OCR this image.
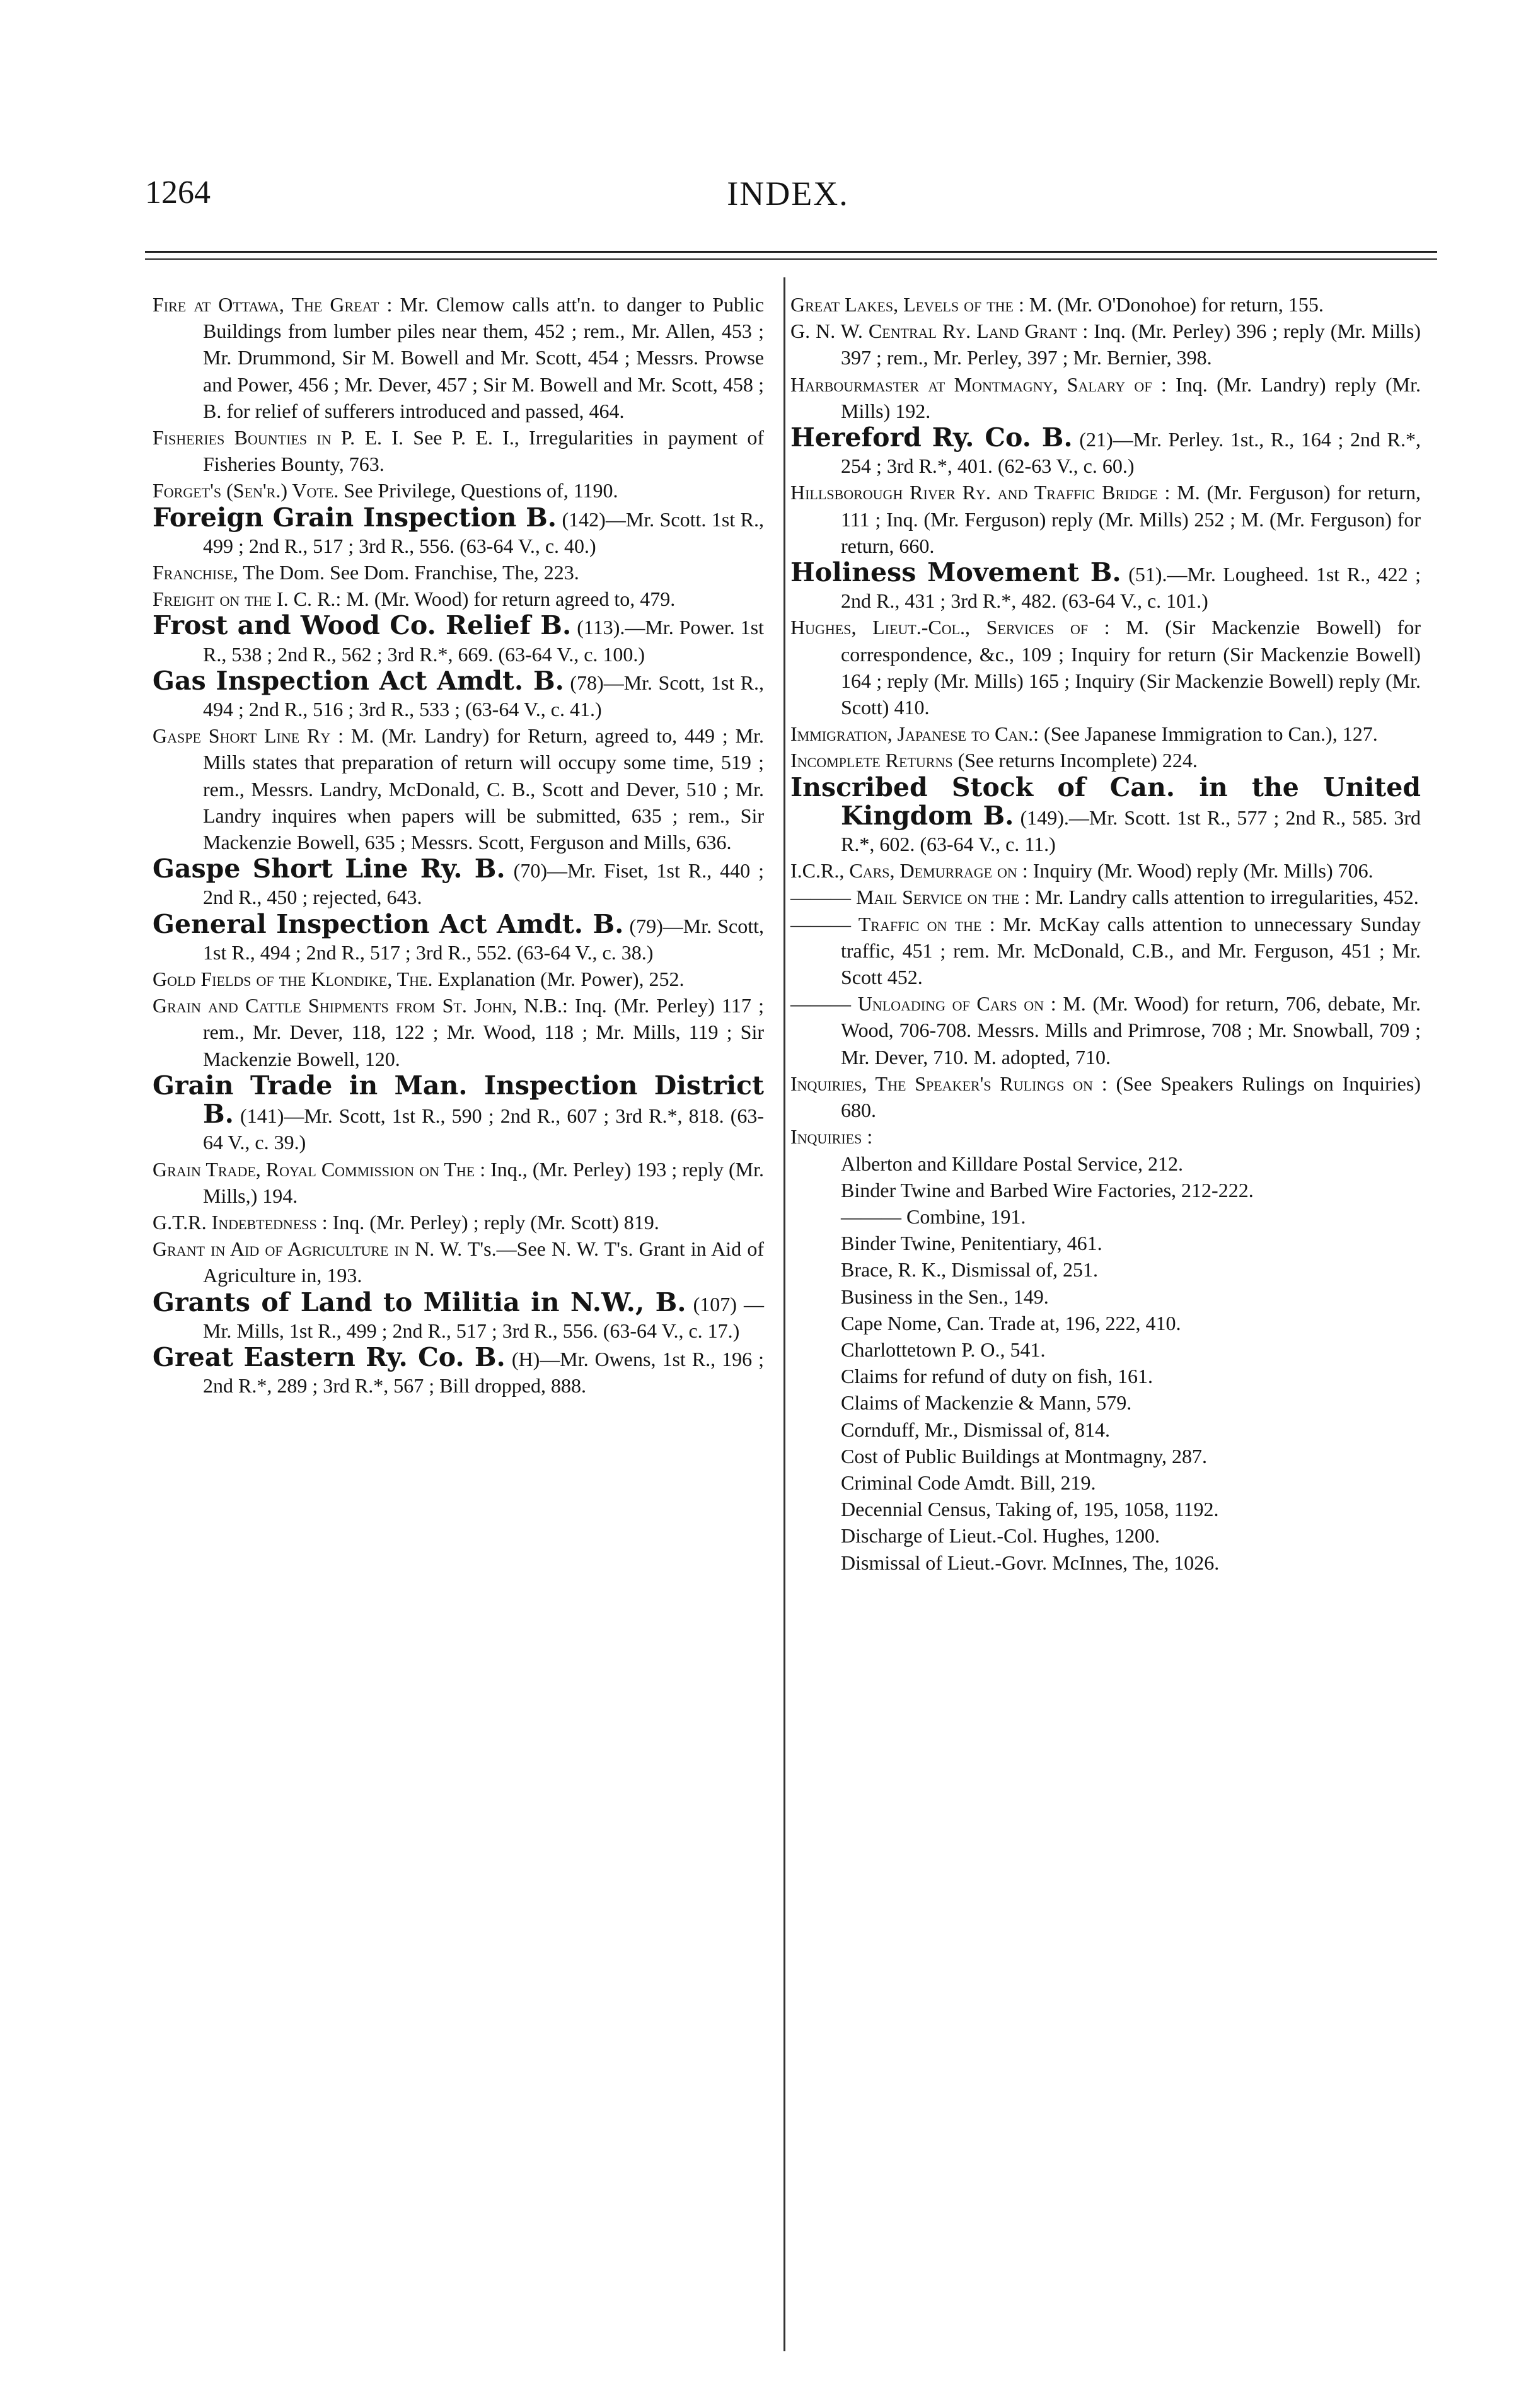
1264	INDEX.
Fire at Ottawa, The Great : Mr. Clemow calls att'n. to danger to Public Buildings from lumber piles near them, 452 ; rem., Mr. Allen, 453 ; Mr. Drummond, Sir M. Bowell and Mr. Scott, 454 ; Messrs. Prowse and Power, 456 ; Mr. Dever, 457 ; Sir M. Bowell and Mr. Scott, 458 ; B. for relief of sufferers introduced and passed, 464.
Fisheries Bounties in P. E. I. See P. E. I., Irregularities in payment of Fisheries Bounty, 763.
Forget's (Sen'r.) Vote. See Privilege, Questions of, 1190.
Foreign Grain Inspection B. (142)—Mr. Scott. 1st R., 499 ; 2nd R., 517 ; 3rd R., 556. (63-64 V., c. 40.)
Franchise, The Dom. See Dom. Franchise, The, 223.
Freight on the I. C. R.: M. (Mr. Wood) for return agreed to, 479.
Frost and Wood Co. Relief B. (113).—Mr. Power. 1st R., 538 ; 2nd R., 562 ; 3rd R.*, 669. (63-64 V., c. 100.)
Gas Inspection Act Amdt. B. (78)—Mr. Scott, 1st R., 494 ; 2nd R., 516 ; 3rd R., 533 ; (63-64 V., c. 41.)
Gaspe Short Line Ry : M. (Mr. Landry) for Return, agreed to, 449 ; Mr. Mills states that preparation of return will occupy some time, 519 ; rem., Messrs. Landry, McDonald, C. B., Scott and Dever, 510 ; Mr. Landry inquires when papers will be submitted, 635 ; rem., Sir Mackenzie Bowell, 635 ; Messrs. Scott, Ferguson and Mills, 636.
Gaspe Short Line Ry. B. (70)—Mr. Fiset, 1st R., 440 ; 2nd R., 450 ; rejected, 643.
General Inspection Act Amdt. B. (79)—Mr. Scott, 1st R., 494 ; 2nd R., 517 ; 3rd R., 552. (63-64 V., c. 38.)
Gold Fields of the Klondike, The. Explanation (Mr. Power), 252.
Grain and Cattle Shipments from St. John, N.B.: Inq. (Mr. Perley) 117 ; rem., Mr. Dever, 118, 122 ; Mr. Wood, 118 ; Mr. Mills, 119 ; Sir Mackenzie Bowell, 120.
Grain Trade in Man. Inspection District B. (141)—Mr. Scott, 1st R., 590 ; 2nd R., 607 ; 3rd R.*, 818. (63-64 V., c. 39.)
Grain Trade, Royal Commission on The : Inq., (Mr. Perley) 193 ; reply (Mr. Mills,) 194.
G.T.R. Indebtedness : Inq. (Mr. Perley) ; reply (Mr. Scott) 819.
Grant in Aid of Agriculture in N. W. T's.—See N. W. T's. Grant in Aid of Agriculture in, 193.
Grants of Land to Militia in N.W., B. (107) —Mr. Mills, 1st R., 499 ; 2nd R., 517 ; 3rd R., 556. (63-64 V., c. 17.)
Great Eastern Ry. Co. B. (H)—Mr. Owens, 1st R., 196 ; 2nd R.*, 289 ; 3rd R.*, 567 ; Bill dropped, 888.
Great Lakes, Levels of the : M. (Mr. O'Donohoe) for return, 155.
G. N. W. Central Ry. Land Grant : Inq. (Mr. Perley) 396 ; reply (Mr. Mills) 397 ; rem., Mr. Perley, 397 ; Mr. Bernier, 398.
Harbourmaster at Montmagny, Salary of : Inq. (Mr. Landry) reply (Mr. Mills) 192.
Hereford Ry. Co. B. (21)—Mr. Perley. 1st., R., 164 ; 2nd R.*, 254 ; 3rd R.*, 401. (62-63 V., c. 60.)
Hillsborough River Ry. and Traffic Bridge : M. (Mr. Ferguson) for return, 111 ; Inq. (Mr. Ferguson) reply (Mr. Mills) 252 ; M. (Mr. Ferguson) for return, 660.
Holiness Movement B. (51).—Mr. Lougheed. 1st R., 422 ; 2nd R., 431 ; 3rd R.*, 482. (63-64 V., c. 101.)
Hughes, Lieut.-Col., Services of : M. (Sir Mackenzie Bowell) for correspondence, &c., 109 ; Inquiry for return (Sir Mackenzie Bowell) 164 ; reply (Mr. Mills) 165 ; Inquiry (Sir Mackenzie Bowell) reply (Mr. Scott) 410.
Immigration, Japanese to Can.: (See Japanese Immigration to Can.), 127.
Incomplete Returns (See returns Incomplete) 224.
Inscribed Stock of Can. in the United Kingdom B. (149).—Mr. Scott. 1st R., 577 ; 2nd R., 585. 3rd R.*, 602. (63-64 V., c. 11.)
I.C.R., Cars, Demurrage on : Inquiry (Mr. Wood) reply (Mr. Mills) 706.
——— Mail Service on the : Mr. Landry calls attention to irregularities, 452.
——— Traffic on the : Mr. McKay calls attention to unnecessary Sunday traffic, 451 ; rem. Mr. McDonald, C.B., and Mr. Ferguson, 451 ; Mr. Scott 452.
——— Unloading of Cars on : M. (Mr. Wood) for return, 706, debate, Mr. Wood, 706-708. Messrs. Mills and Primrose, 708 ; Mr. Snowball, 709 ; Mr. Dever, 710. M. adopted, 710.
Inquiries, The Speaker's Rulings on : (See Speakers Rulings on Inquiries) 680.
Inquiries :
Alberton and Killdare Postal Service, 212.
Binder Twine and Barbed Wire Factories, 212-222.
——— Combine, 191.
Binder Twine, Penitentiary, 461.
Brace, R. K., Dismissal of, 251.
Business in the Sen., 149.
Cape Nome, Can. Trade at, 196, 222, 410.
Charlottetown P. O., 541.
Claims for refund of duty on fish, 161.
Claims of Mackenzie & Mann, 579.
Cornduff, Mr., Dismissal of, 814.
Cost of Public Buildings at Montmagny, 287.
Criminal Code Amdt. Bill, 219.
Decennial Census, Taking of, 195, 1058, 1192.
Discharge of Lieut.-Col. Hughes, 1200.
Dismissal of Lieut.-Govr. McInnes, The, 1026.
